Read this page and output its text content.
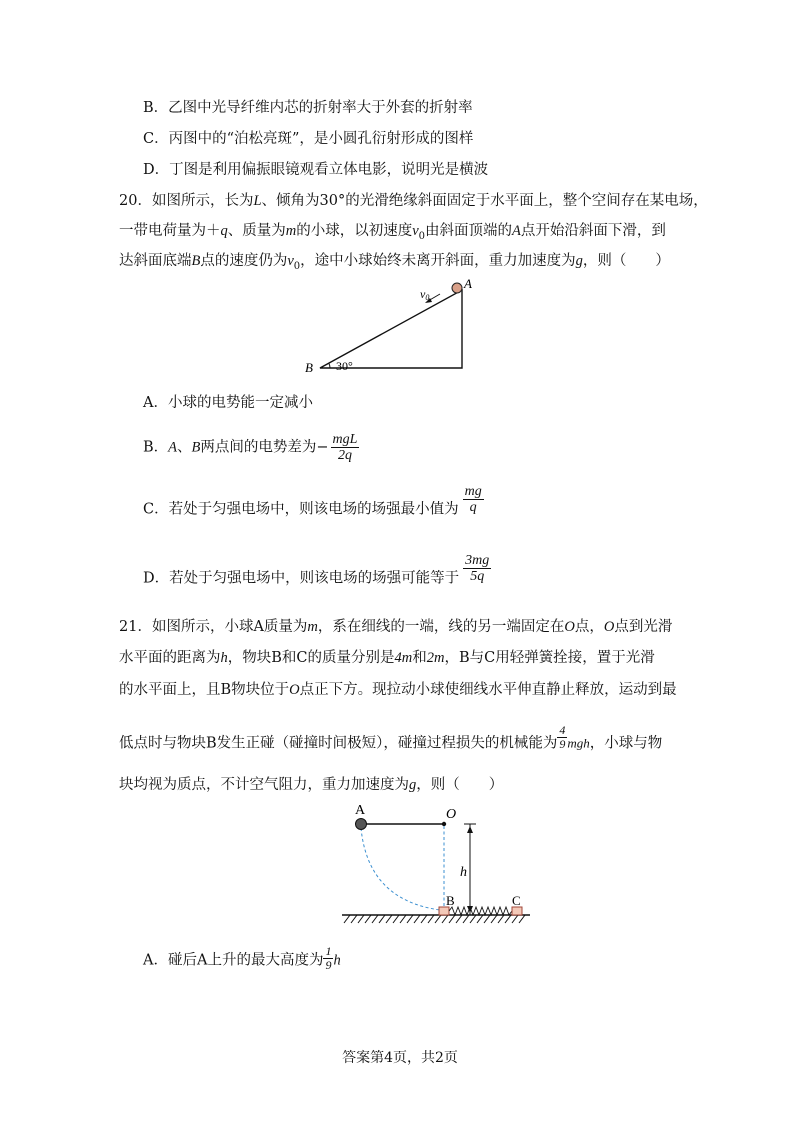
B．乙图中光导纤维内芯的折射率大于外套的折射率
C．丙图中的“泊松亮斑”，是小圆孔衍射形成的图样
D．丁图是利用偏振眼镜观看立体电影，说明光是横波
20．如图所示，长为L、倾角为30°的光滑绝缘斜面固定于水平面上，整个空间存在某电场，
一带电荷量为＋q、质量为m的小球，以初速度$v_0$由斜面顶端的A点开始沿斜面下滑，到
达斜面底端B点的速度仍为$v_0$，途中小球始终未离开斜面，重力加速度为g，则（　　）
A
B 30°
v0
A．小球的电势能一定减小
B．A、B两点间的电势差为− $\frac{\text{mgL}}{2q}$
C．若处于匀强电场中，则该电场的场强最小值为 $\frac{mg}{q}$
D．若处于匀强电场中，则该电场的场强可能等于 $\frac{3mg}{5q}$
21．如图所示，小球A质量为m，系在细线的一端，线的另一端固定在O点，O点到光滑
水平面的距离为h，物块B和C的质量分别是4m和2m，B与C用轻弹簧拴接，置于光滑
的水平面上，且B物块位于O点正下方。现拉动小球使细线水平伸直静止释放，运动到最
低点时与物块B发生正碰（碰撞时间极短），碰撞过程损失的机械能为 $\frac{4}{9}$ mgh，小球与物
块均视为质点，不计空气阻力，重力加速度为g，则（　　）
A	O
h
B	C
A．碰后A上升的最大高度为 $\frac{1}{9}$ h
答案第4页，共2页
